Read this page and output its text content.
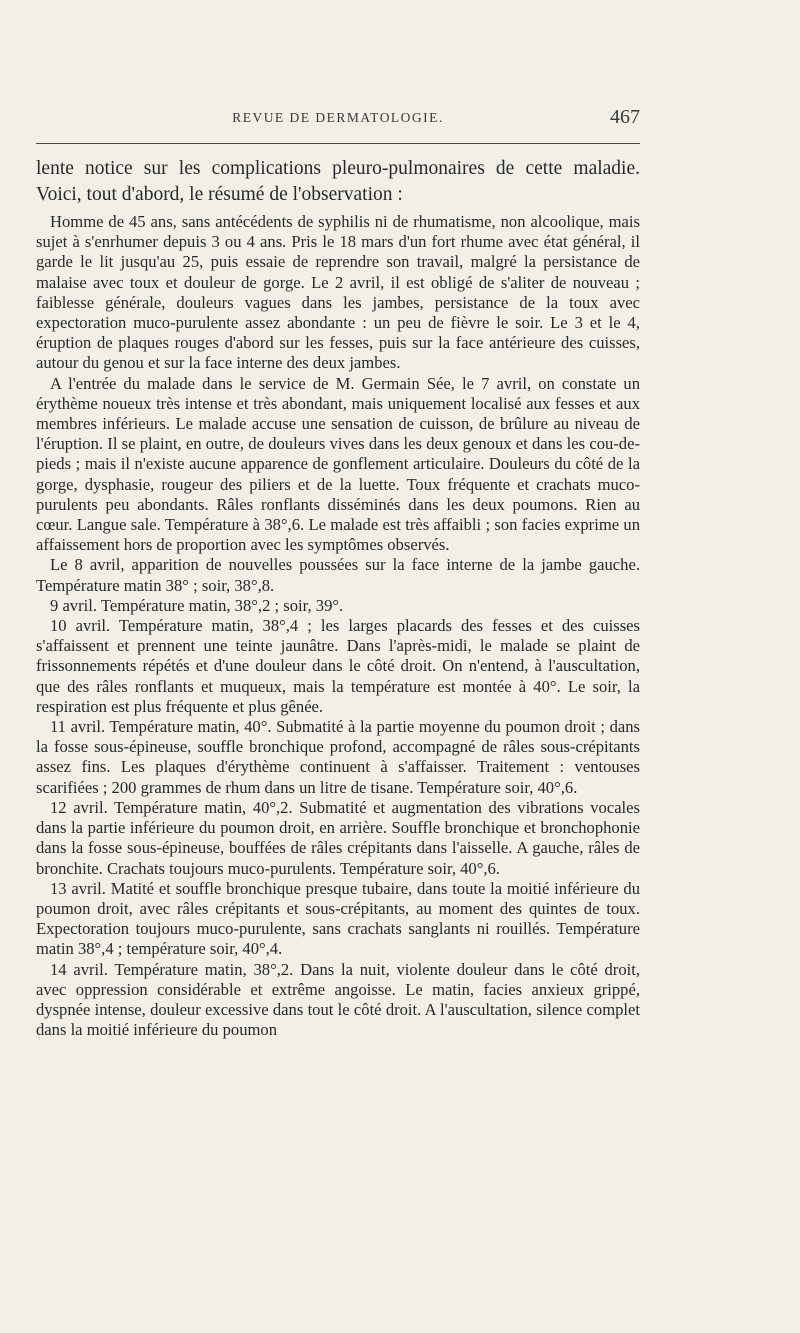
REVUE DE DERMATOLOGIE.	467

lente notice sur les complications pleuro-pulmonaires de cette maladie. Voici, tout d'abord, le résumé de l'observation :

Homme de 45 ans, sans antécédents de syphilis ni de rhumatisme, non alcoolique, mais sujet à s'enrhumer depuis 3 ou 4 ans. Pris le 18 mars d'un fort rhume avec état général, il garde le lit jusqu'au 25, puis essaie de reprendre son travail, malgré la persistance de malaise avec toux et douleur de gorge. Le 2 avril, il est obligé de s'aliter de nouveau ; faiblesse générale, douleurs vagues dans les jambes, persistance de la toux avec expectoration muco-purulente assez abondante : un peu de fièvre le soir. Le 3 et le 4, éruption de plaques rouges d'abord sur les fesses, puis sur la face antérieure des cuisses, autour du genou et sur la face interne des deux jambes.

A l'entrée du malade dans le service de M. Germain Sée, le 7 avril, on constate un érythème noueux très intense et très abondant, mais uniquement localisé aux fesses et aux membres inférieurs. Le malade accuse une sensation de cuisson, de brûlure au niveau de l'éruption. Il se plaint, en outre, de douleurs vives dans les deux genoux et dans les cou-de-pieds ; mais il n'existe aucune apparence de gonflement articulaire. Douleurs du côté de la gorge, dysphasie, rougeur des piliers et de la luette. Toux fréquente et crachats muco-purulents peu abondants. Râles ronflants disséminés dans les deux poumons. Rien au cœur. Langue sale. Température à 38°,6. Le malade est très affaibli ; son facies exprime un affaissement hors de proportion avec les symptômes observés.

Le 8 avril, apparition de nouvelles poussées sur la face interne de la jambe gauche. Température matin 38° ; soir, 38°,8.

9 avril. Température matin, 38°,2 ; soir, 39°.

10 avril. Température matin, 38°,4 ; les larges placards des fesses et des cuisses s'affaissent et prennent une teinte jaunâtre. Dans l'après-midi, le malade se plaint de frissonnements répétés et d'une douleur dans le côté droit. On n'entend, à l'auscultation, que des râles ronflants et muqueux, mais la température est montée à 40°. Le soir, la respiration est plus fréquente et plus gênée.

11 avril. Température matin, 40°. Submatité à la partie moyenne du poumon droit ; dans la fosse sous-épineuse, souffle bronchique profond, accompagné de râles sous-crépitants assez fins. Les plaques d'érythème continuent à s'affaisser. Traitement : ventouses scarifiées ; 200 grammes de rhum dans un litre de tisane. Température soir, 40°,6.

12 avril. Température matin, 40°,2. Submatité et augmentation des vibrations vocales dans la partie inférieure du poumon droit, en arrière. Souffle bronchique et bronchophonie dans la fosse sous-épineuse, bouffées de râles crépitants dans l'aisselle. A gauche, râles de bronchite. Crachats toujours muco-purulents. Température soir, 40°,6.

13 avril. Matité et souffle bronchique presque tubaire, dans toute la moitié inférieure du poumon droit, avec râles crépitants et sous-crépitants, au moment des quintes de toux. Expectoration toujours muco-purulente, sans crachats sanglants ni rouillés. Température matin 38°,4 ; température soir, 40°,4.

14 avril. Température matin, 38°,2. Dans la nuit, violente douleur dans le côté droit, avec oppression considérable et extrême angoisse. Le matin, facies anxieux grippé, dyspnée intense, douleur excessive dans tout le côté droit. A l'auscultation, silence complet dans la moitié inférieure du poumon
